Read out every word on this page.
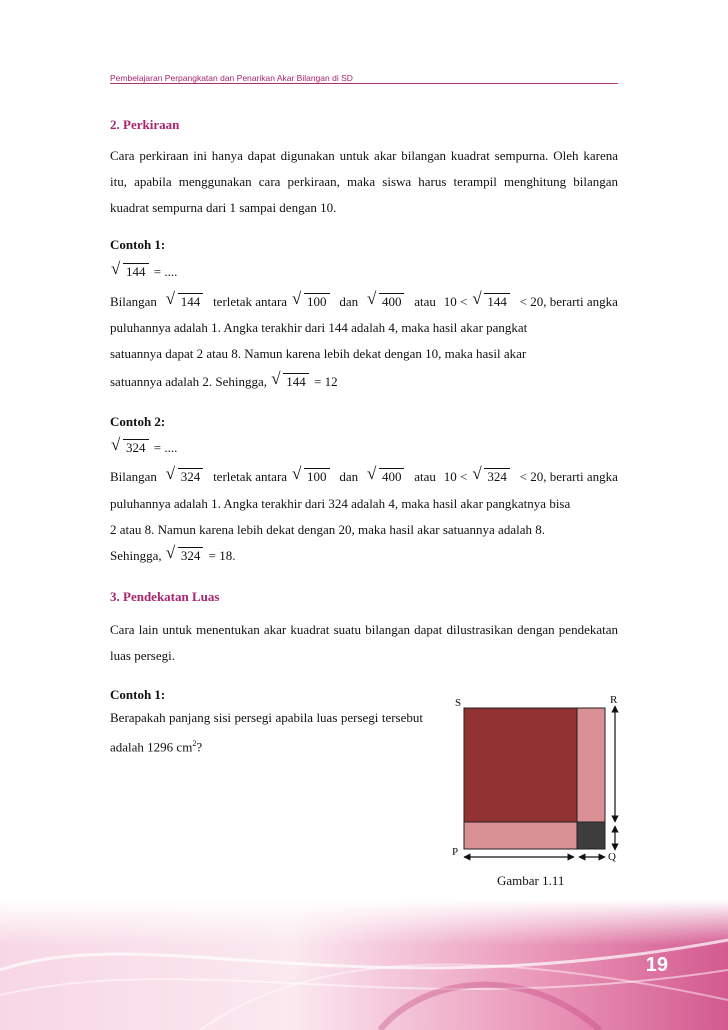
Pembelajaran Perpangkatan dan Penarikan Akar Bilangan di SD
2. Perkiraan
Cara perkiraan ini hanya dapat digunakan untuk akar bilangan kuadrat sempurna. Oleh karena itu, apabila menggunakan cara perkiraan, maka siswa harus terampil menghitung bilangan kuadrat sempurna dari 1 sampai dengan 10.
Contoh 1:
√ 144 = ....
Bilangan	√ 144 terletak antara	√ 100 dan	√ 400 atau 10 <	√ 144 < 20, berarti angka
puluhannya adalah 1. Angka terakhir dari 144 adalah 4, maka hasil akar pangkat
satuannya dapat 2 atau 8. Namun karena lebih dekat dengan 10, maka hasil akar
satuannya adalah 2. Sehingga, √ 144 = 12
Contoh 2:
√ 324 = ....
Bilangan	√ 324 terletak antara	√ 100 dan	√ 400 atau 10 <	√ 324 < 20, berarti angka
puluhannya adalah 1. Angka terakhir dari 324 adalah 4, maka hasil akar pangkatnya bisa
2 atau 8. Namun karena lebih dekat dengan 20, maka hasil akar satuannya adalah 8.
Sehingga, √ 324 = 18.
3. Pendekatan Luas
Cara lain untuk menentukan akar kuadrat suatu bilangan dapat dilustrasikan dengan pendekatan luas persegi.
Contoh 1:
Berapakah panjang sisi persegi apabila luas persegi tersebut adalah 1296 $cm^2$?
S	R
P	Q
Gambar 1.11
19
